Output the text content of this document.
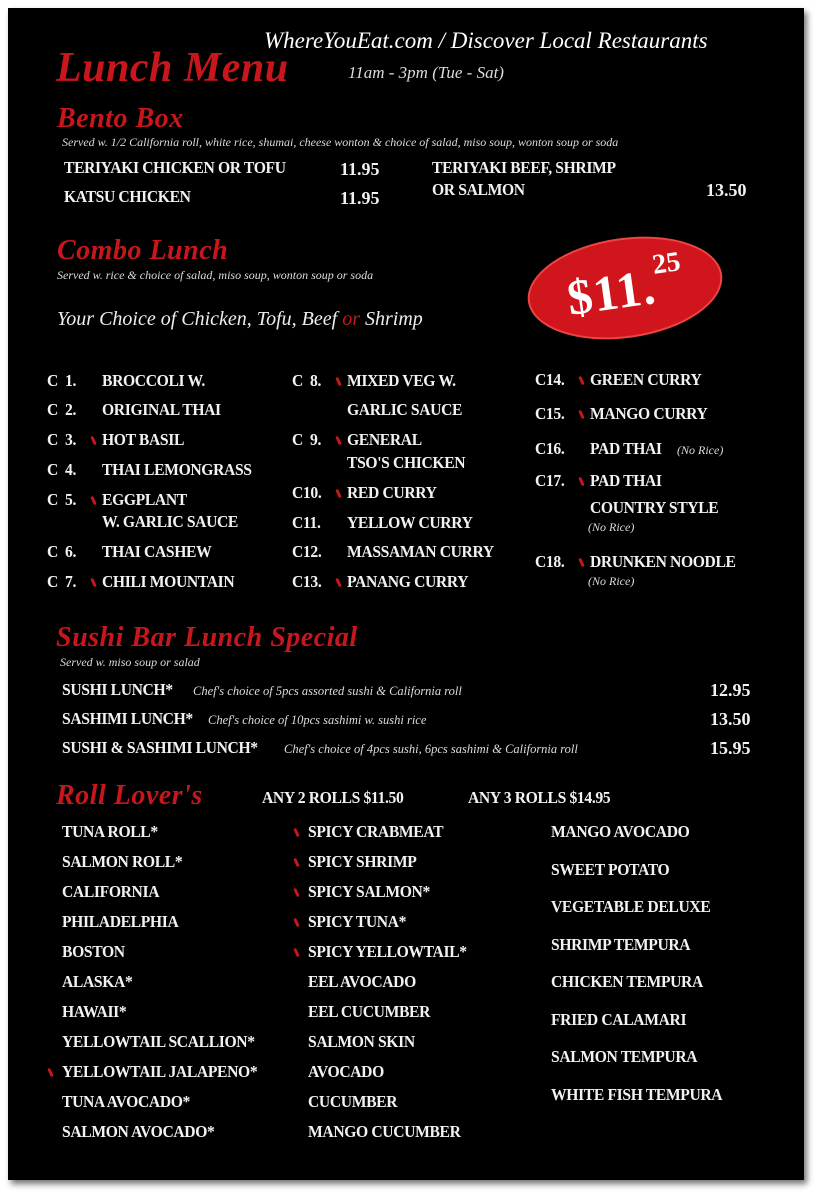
WhereYouEat.com / Discover Local Restaurants
Lunch Menu	11am - 3pm (Tue - Sat)
Bento Box
Served w. 1/2 California roll, white rice, shumai, cheese wonton & choice of salad, miso soup, wonton soup or soda
TERIYAKI CHICKEN OR TOFU	11.95
KATSU CHICKEN	11.95
TERIYAKI BEEF, SHRIMP
OR SALMON	13.50
Combo Lunch
Served w. rice & choice of salad, miso soup, wonton soup or soda
Your Choice of Chicken, Tofu, Beef or Shrimp	$11.25
C  1. BROCCOLI W.
C  2. ORIGINAL THAI
C  3. HOT BASIL
C  4. THAI LEMONGRASS
C  5. EGGPLANT
W. GARLIC SAUCE
C  6. THAI CASHEW
C  7. CHILI MOUNTAIN
C  8. MIXED VEG W.
GARLIC SAUCE
C  9. GENERAL
TSO'S CHICKEN
C10. RED CURRY
C11. YELLOW CURRY
C12. MASSAMAN CURRY
C13. PANANG CURRY
C14. GREEN CURRY
C15. MANGO CURRY
C16. PAD THAI (No Rice)
C17. PAD THAI
COUNTRY STYLE
(No Rice)
C18. DRUNKEN NOODLE
(No Rice)
Sushi Bar Lunch Special
Served w. miso soup or salad
SUSHI LUNCH* Chef's choice of 5pcs assorted sushi & California roll	12.95
SASHIMI LUNCH* Chef's choice of 10pcs sashimi w. sushi rice	13.50
SUSHI & SASHIMI LUNCH* Chef's choice of 4pcs sushi, 6pcs sashimi & California roll	15.95
Roll Lover's	ANY 2 ROLLS $11.50	ANY 3 ROLLS $14.95
TUNA ROLL*
SALMON ROLL*
CALIFORNIA
PHILADELPHIA
BOSTON
ALASKA*
HAWAII*
YELLOWTAIL SCALLION*
YELLOWTAIL JALAPENO*
TUNA AVOCADO*
SALMON AVOCADO*
SPICY CRABMEAT
SPICY SHRIMP
SPICY SALMON*
SPICY TUNA*
SPICY YELLOWTAIL*
EEL AVOCADO
EEL CUCUMBER
SALMON SKIN
AVOCADO
CUCUMBER
MANGO CUCUMBER
MANGO AVOCADO
SWEET POTATO
VEGETABLE DELUXE
SHRIMP TEMPURA
CHICKEN TEMPURA
FRIED CALAMARI
SALMON TEMPURA
WHITE FISH TEMPURA
